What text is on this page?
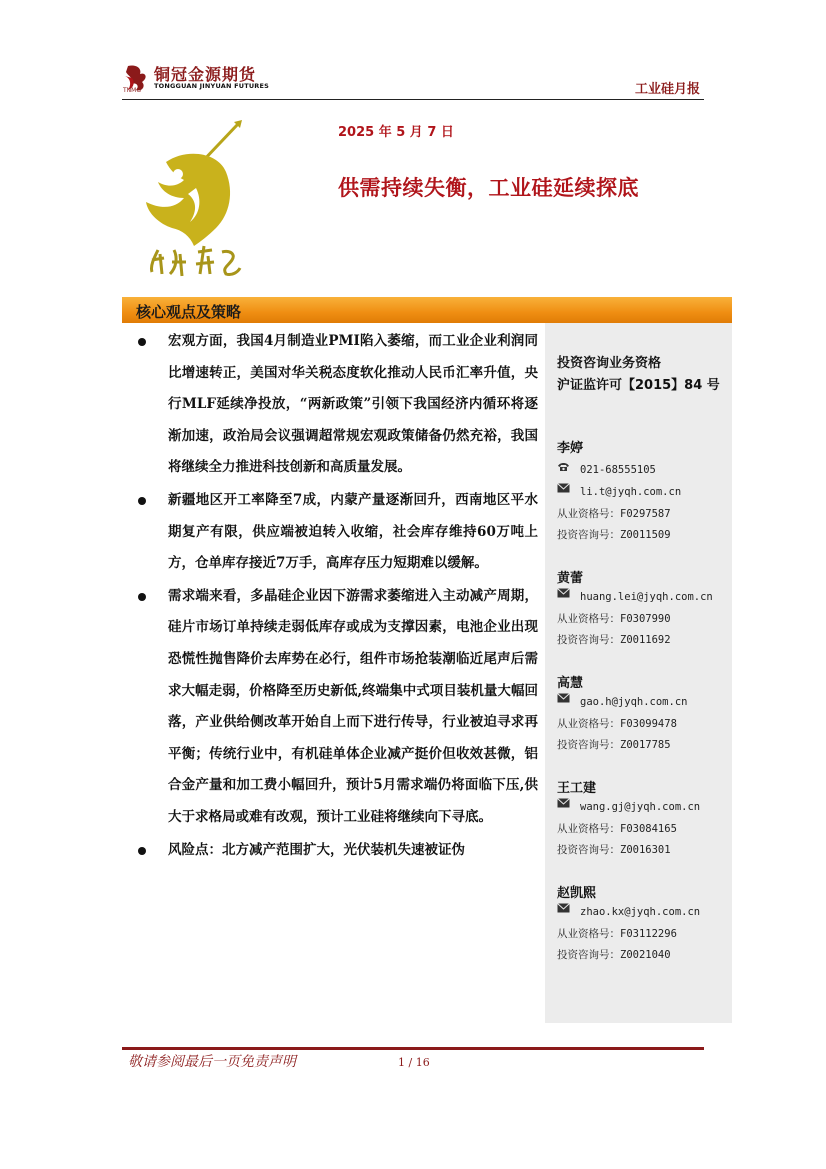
铜冠金源期货
TONGGUAN JINYUAN FUTURES
TNMG	工业硅月报
2025 年 5 月 7 日
供需持续失衡，工业硅延续探底
核心观点及策略
投资咨询业务资格
沪证监许可【2015】84 号
李婷
021-68555105
li.t@jyqh.com.cn
从业资格号：F0297587
投资咨询号：Z0011509
黄蕾
huang.lei@jyqh.com.cn
从业资格号：F0307990
投资咨询号：Z0011692
高慧
gao.h@jyqh.com.cn
从业资格号：F03099478
投资咨询号：Z0017785
王工建
wang.gj@jyqh.com.cn
从业资格号：F03084165
投资咨询号：Z0016301
赵凯熙
zhao.kx@jyqh.com.cn
从业资格号：F03112296
投资咨询号：Z0021040
宏观方面，我国4月制造业PMI陷入萎缩，而工业企业利润同比增速转正，美国对华关税态度软化推动人民币汇率升值，央行MLF延续净投放，“两新政策”引领下我国经济内循环将逐渐加速，政治局会议强调超常规宏观政策储备仍然充裕，我国将继续全力推进科技创新和高质量发展。
新疆地区开工率降至7成，内蒙产量逐渐回升，西南地区平水期复产有限，供应端被迫转入收缩，社会库存维持60万吨上方，仓单库存接近7万手，高库存压力短期难以缓解。
需求端来看，多晶硅企业因下游需求萎缩进入主动减产周期，硅片市场订单持续走弱低库存或成为支撑因素，电池企业出现恐慌性抛售降价去库势在必行，组件市场抢装潮临近尾声后需求大幅走弱，价格降至历史新低,终端集中式项目装机量大幅回落，产业供给侧改革开始自上而下进行传导，行业被迫寻求再平衡；传统行业中，有机硅单体企业减产挺价但收效甚微，铝合金产量和加工费小幅回升，预计5月需求端仍将面临下压,供大于求格局或难有改观，预计工业硅将继续向下寻底。
风险点：北方减产范围扩大，光伏装机失速被证伪
敬请参阅最后一页免责声明	1 / 16
